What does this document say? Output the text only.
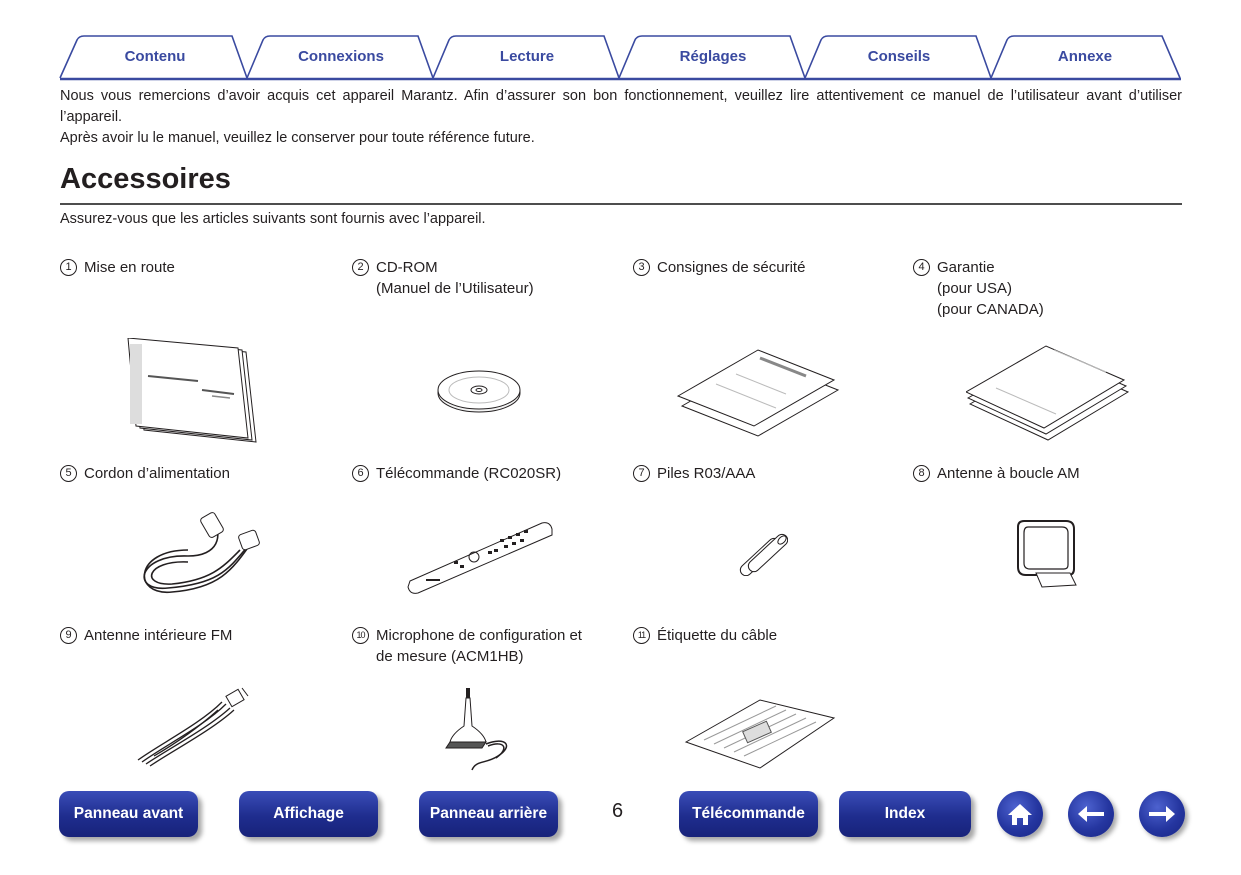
Contenu	Connexions	Lecture	Réglages	Conseils	Annexe

Nous vous remercions d’avoir acquis cet appareil Marantz. Afin d’assurer son bon fonctionnement, veuillez lire attentivement ce manuel de l’utilisateur avant d’utiliser l’appareil.

Après avoir lu le manuel, veuillez le conserver pour toute référence future.

Accessoires
Assurez-vous que les articles suivants sont fournis avec l’appareil.
1 Mise en route	2 CD-ROM
(Manuel de l’Utilisateur)
3 Consignes de sécurité	4 Garantie
(pour USA)
(pour CANADA)
5 Cordon d’alimentation	6 Télécommande (RC020SR)	7 Piles R03/AAA	8 Antenne à boucle AM
9 Antenne intérieure FM	10 Microphone de configuration et
de mesure (ACM1HB)
11 Étiquette du câble
Panneau avant	Affichage	Panneau arrière	6	Télécommande	Index
